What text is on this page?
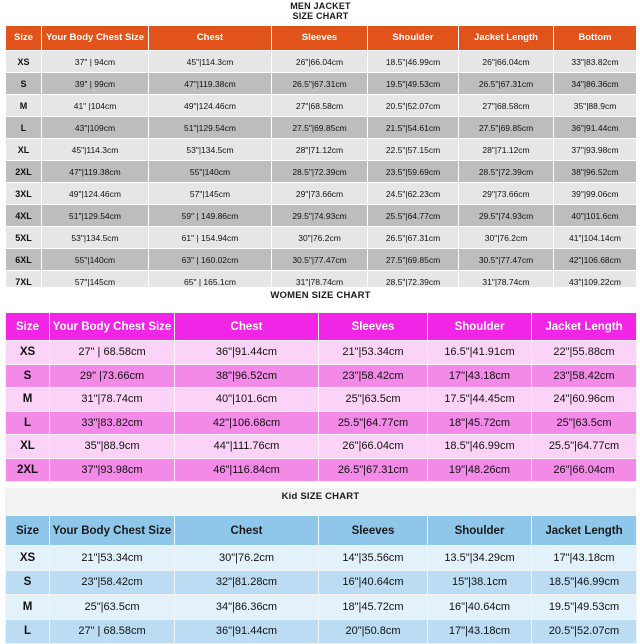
MEN JACKET
SIZE CHART
Size	Your Body Chest Size	Chest	Sleeves	Shoulder	Jacket Length	Bottom
XS	37" | 94cm	45"|114.3cm	26"|66.04cm	18.5"|46.99cm	26"|66.04cm	33"|83.82cm
S	39" | 99cm	47"|119.38cm	26.5"|67.31cm	19.5"|49.53cm	26.5"|67.31cm	34"|86.36cm
M	41" |104cm	49"|124.46cm	27"|68.58cm	20.5"|52.07cm	27"|68.58cm	35"|88.9cm
L	43"|109cm	51"|129.54cm	27.5"|69.85cm	21.5"|54.61cm	27.5"|69.85cm	36"|91.44cm
XL	45"|114.3cm	53"|134.5cm	28"|71.12cm	22.5"|57.15cm	28"|71.12cm	37"|93.98cm
2XL	47"|119.38cm	55"|140cm	28.5"|72.39cm	23.5"|59.69cm	28.5"|72.39cm	38"|96.52cm
3XL	49"|124.46cm	57"|145cm	29"|73.66cm	24.5"|62.23cm	29"|73.66cm	39"|99.06cm
4XL	51"|129.54cm	59" | 149.86cm	29.5"|74.93cm	25.5"|64.77cm	29.5"|74.93cm	40"|101.6cm
5XL	53"|134.5cm	61" | 154.94cm	30"|76.2cm	26.5"|67.31cm	30"|76.2cm	41"|104.14cm
6XL	55"|140cm	63" | 160.02cm	30.5"|77.47cm	27.5"|69.85cm	30.5"|77.47cm	42"|106.68cm
7XL	57"|145cm	65" | 165.1cm	31"|78.74cm	28.5"|72.39cm	31"|78.74cm	43"|109.22cm
WOMEN SIZE CHART
Size	Your Body Chest Size	Chest	Sleeves	Shoulder	Jacket Length
XS	27" | 68.58cm	36"|91.44cm	21"|53.34cm	16.5"|41.91cm	22"|55.88cm
S	29" |73.66cm	38"|96.52cm	23"|58.42cm	17"|43.18cm	23"|58.42cm
M	31"|78.74cm	40"|101.6cm	25"|63.5cm	17.5"|44.45cm	24"|60.96cm
L	33"|83.82cm	42"|106.68cm	25.5"|64.77cm	18"|45.72cm	25"|63.5cm
XL	35"|88.9cm	44"|111.76cm	26"|66.04cm	18.5"|46.99cm	25.5"|64.77cm
2XL	37"|93.98cm	46"|116.84cm	26.5"|67.31cm	19"|48.26cm	26"|66.04cm
Kid SIZE CHART
Size	Your Body Chest Size	Chest	Sleeves	Shoulder	Jacket Length
XS	21"|53.34cm	30"|76.2cm	14"|35.56cm	13.5"|34.29cm	17"|43.18cm
S	23"|58.42cm	32"|81.28cm	16"|40.64cm	15"|38.1cm	18.5"|46.99cm
M	25"|63.5cm	34"|86.36cm	18"|45.72cm	16"|40.64cm	19.5"|49.53cm
L	27" | 68.58cm	36"|91.44cm	20"|50.8cm	17"|43.18cm	20.5"|52.07cm
